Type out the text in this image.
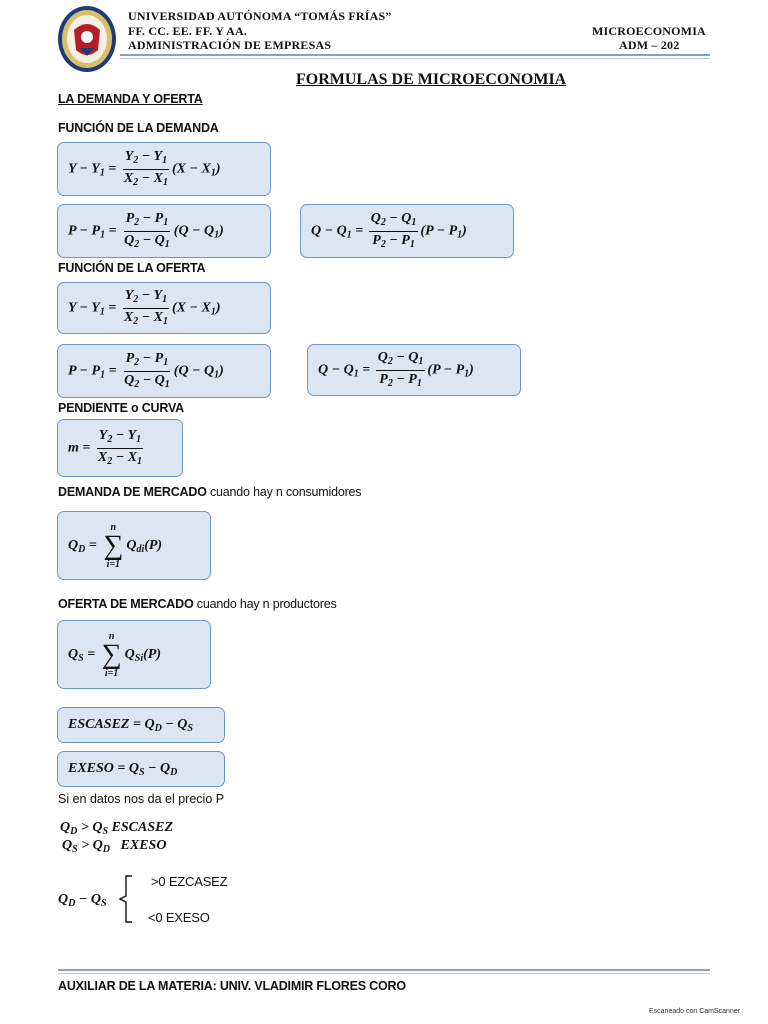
UNIVERSIDAD AUTÓNOMA “TOMÁS FRÍAS”
FF. CC. EE. FF. Y AA.
ADMINISTRACIÓN DE EMPRESAS
MICROECONOMIA
ADM – 202
FORMULAS DE MICROECONOMIA
LA DEMANDA Y OFERTA
FUNCIÓN DE LA DEMANDA
$Y - Y_1 = \frac{Y_2 - Y_1}{X_2 - X_1} (X - X_1)$
$P - P_1 = \frac{P_2 - P_1}{Q_2 - Q_1} (Q - Q_1)$	$Q - Q_1 = \frac{Q_2 - Q_1}{P_2 - P_1} (P - P_1)$
FUNCIÓN DE LA OFERTA
$Y - Y_1 = \frac{Y_2 - Y_1}{X_2 - X_1} (X - X_1)$
$P - P_1 = \frac{P_2 - P_1}{Q_2 - Q_1} (Q - Q_1)$	$Q - Q_1 = \frac{Q_2 - Q_1}{P_2 - P_1} (P - P_1)$
PENDIENTE o CURVA
$m = \frac{Y_2 - Y_1}{X_2 - X_1}$
DEMANDA DE MERCADO cuando hay n consumidores
$Q_D$ =
n
∑
i=1
$Q_{di}(P)$
OFERTA DE MERCADO cuando hay n productores
$Q_S$ =
n
∑
i=1
$Q_{Si}(P)$
ESCASEZ = $Q_D - Q_S$
EXESO = $Q_S - Q_D$
Si en datos nos da el precio P
$Q_D > Q_S$ ESCASEZ
$Q_S > Q_D$ EXESO
$Q_D - Q_S$
>0 EZCASEZ
<0 EXESO
AUXILIAR DE LA MATERIA: UNIV. VLADIMIR FLORES CORO
Escaneado con CamScanner
